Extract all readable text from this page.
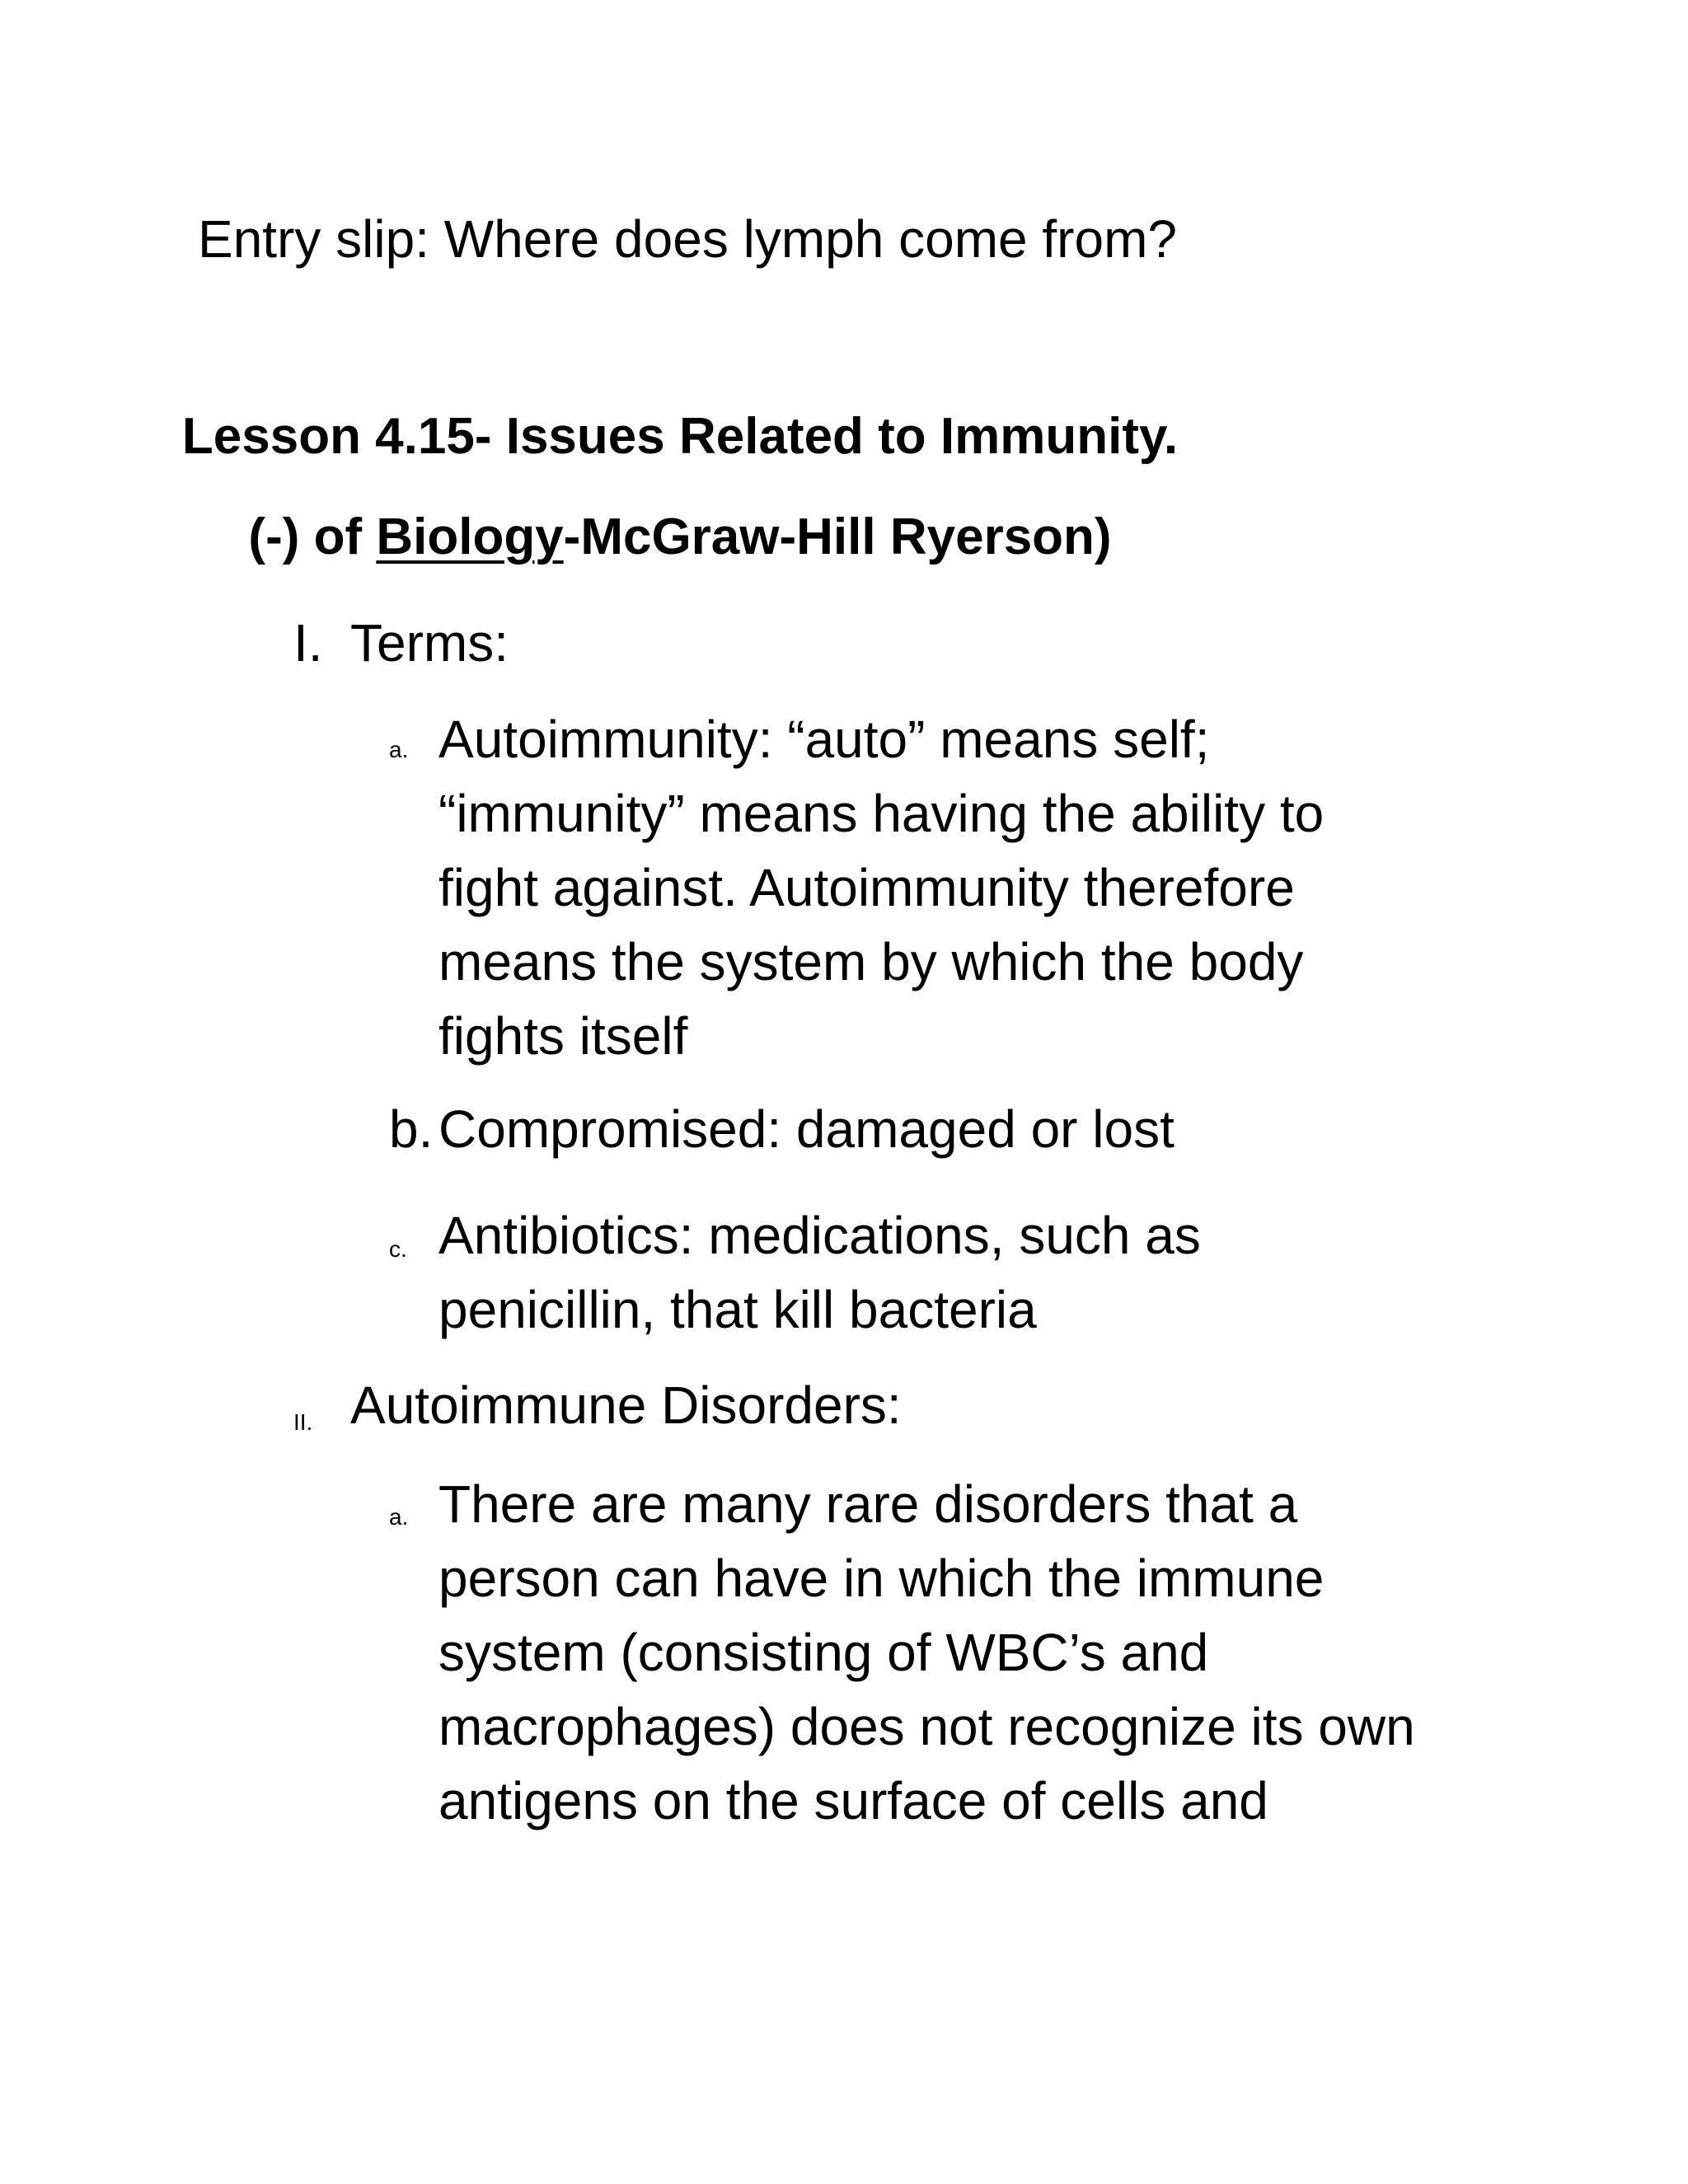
Entry slip: Where does lymph come from?
Lesson 4.15- Issues Related to Immunity.
(-) of Biology-McGraw-Hill Ryerson)
I. Terms:
a. Autoimmunity: “auto” means self;
“immunity” means having the ability to
fight against. Autoimmunity therefore
means the system by which the body
fights itself
b. Compromised: damaged or lost
c. Antibiotics: medications, such as
penicillin, that kill bacteria
II. Autoimmune Disorders:
a. There are many rare disorders that a
person can have in which the immune
system (consisting of WBC’s and
macrophages) does not recognize its own
antigens on the surface of cells and
